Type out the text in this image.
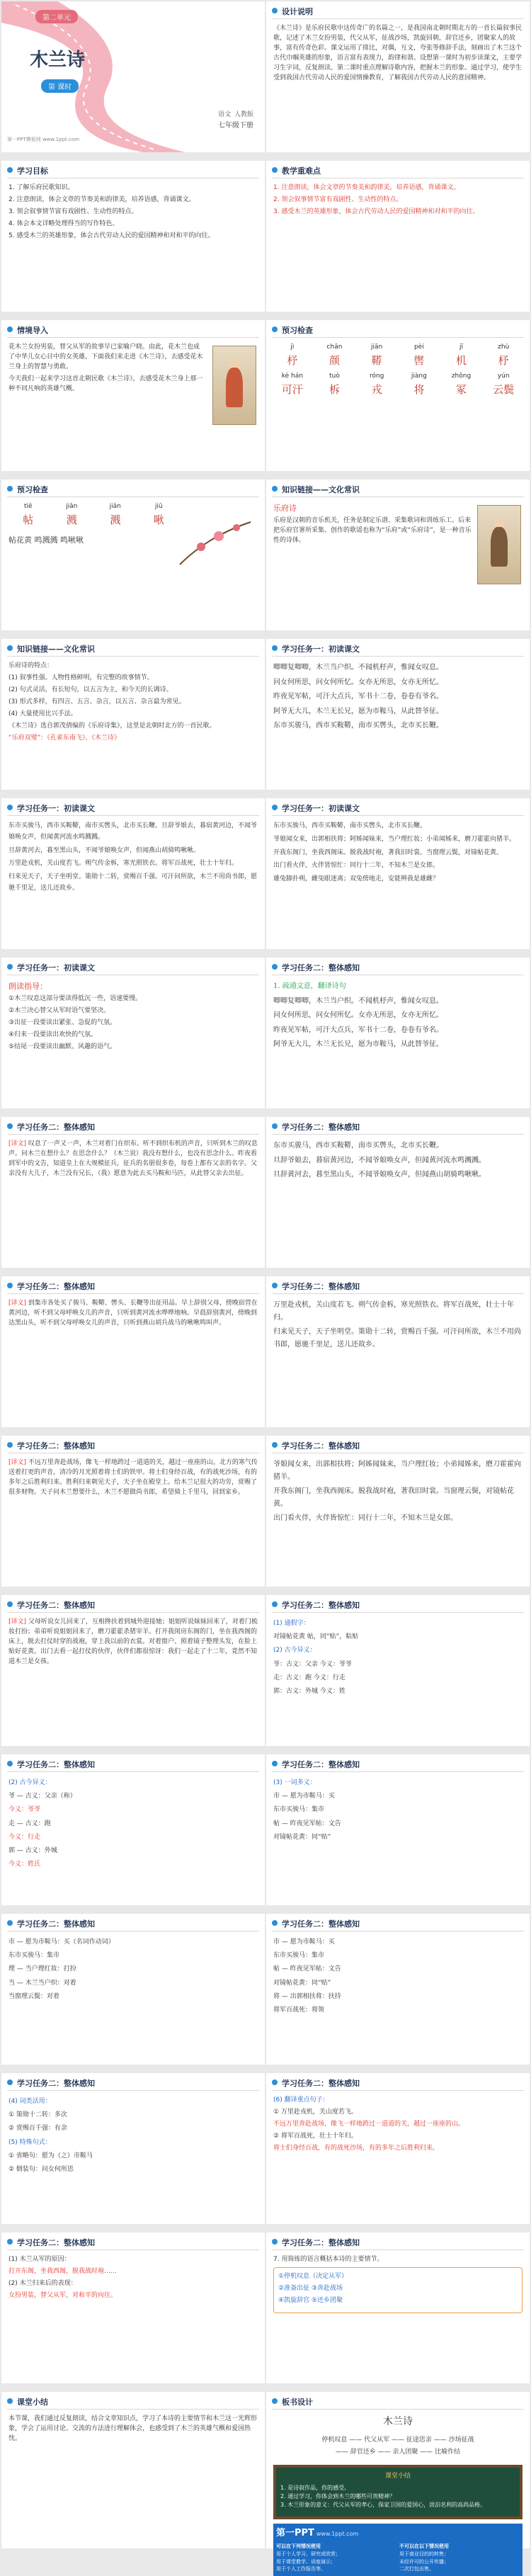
第二单元
木兰诗
第 课时
语文 人教版
七年级下册
第一PPT模板网 www.1ppt.com
设计说明

《木兰诗》是乐府民歌中这传奇广的名篇之一，是我国南北朝时期北方的一首长篇叙事民歌，记述了木兰女扮男装，代父从军，征战沙场，凯旋回朝，辞官还乡，团聚家人的故事，富有传奇色彩。课文运用了排比，对偶，互文，夸张等修辞手法，刻画出了木兰这个古代巾帼英雄的形象，语言富有表现力，韵律和谐。设想第一课时为初步读课文，主要学习生字词，反复朗读。第二课时重点理解诗歌内容，把握木兰的形象。通过学习，使学生受到我国古代劳动人民的爱国情操教育，了解我国古代劳动人民的意园精神。

学习目标

1. 了解乐府民歌知识。

2. 注意朗读，体会文章的节奏美和韵律美，培养语感，背诵课文。

3. 领会叙事情节富有戏剧性、生动性的特点。

4. 体会本文详略处理得当的写作特色。

5. 感受木兰的英雄形象，体会古代劳动人民的爱国精神和对和平的向往。

教学重难点

1. 注意朗读，体会文章的节奏美和韵律美，培养语感，背诵课文。

2. 领会叙事情节富有戏剧性、生动性的特点。

3. 感受木兰的英雄形象，体会古代劳动人民的爱国精神和对和平的向往。

情境导入

花木兰女扮男装，替父从军的故事早已家喻户晓。由此，花木兰也成了中华儿女心目中的女英雄。下面我们来走进《木兰诗》，去感受花木兰身上的智慧与勇敢。

今天我们一起来学习这首北朝民歌《木兰诗》，去感受花木兰身上那一种不同凡响的英雄气概。

预习检查
jì
杼
chǎn
颜
jiān
鞯
pèi
辔
jī
机
zhù
杼
kè hán
可汗
tuò
柝
róng
戎
jiàng
将
zhǒng
冢
yún
云鬓
预习检查
tiē
帖
jiān
溅
jiān
溅
jiū
啾

帖花黄 鸣溅溅 鸣啾啾

知识链接——文化常识

乐府诗

乐府是汉朝的音乐机关，任务是制定乐谱、采集歌词和训练乐工。后来把乐府官署所采集、创作的歌谣也称为“乐府”或“乐府诗”，是一种音乐性的诗体。

知识链接——文化常识

乐府诗的特点：

(1) 叙事性强。人物性格鲜明，有完整的故事情节。

(2) 句式灵活，有长短句，以五言为主，和今天的长调诗。

(3) 形式多样，有四言、五言、杂言，以五言、杂言最为常见。

(4) 大量使用比兴手法。

《木兰诗》选自郭茂倩编的《乐府诗集》，这里是北朝时北方的一首民歌。

“乐府双璧”：《孔雀东南飞》、《木兰诗》

学习任务一：初读课文

唧唧复唧唧，木兰当户织。不闻机杼声，惟闻女叹息。

问女何所思，问女何所忆。女亦无所思，女亦无所忆。

昨夜见军帖，可汗大点兵，军书十二卷，卷卷有爷名。

阿爷无大儿，木兰无长兄，愿为市鞍马，从此替爷征。

东市买骏马，西市买鞍鞯，南市买辔头，北市买长鞭。

学习任务一：初读课文

东市买骏马，西市买鞍鞯，南市买辔头，北市买长鞭。旦辞爷娘去，暮宿黄河边，不闻爷娘唤女声，但闻黄河流水鸣溅溅。

旦辞黄河去，暮至黑山头，不闻爷娘唤女声，但闻燕山胡骑鸣啾啾。

万里赴戎机，关山度若飞。朔气传金柝，寒光照铁衣。将军百战死，壮士十年归。

归来见天子，天子坐明堂。策勋十二转，赏赐百千强。可汗问所欲，木兰不用尚书郎，愿驰千里足，送儿还故乡。

学习任务一：初读课文

东市买骏马，西市买鞍鞯，南市买辔头，北市买长鞭。

爷娘闻女来，出郭相扶将；阿姊闻妹来，当户理红妆；小弟闻姊来，磨刀霍霍向猪羊。

开我东阁门，坐我西阁床。脱我战时袍，著我旧时裳。当窗理云鬓，对镜帖花黄。

出门看火伴，火伴皆惊忙：同行十二年，不知木兰是女郎。

雄兔脚扑朔，雌兔眼迷离；双兔傍地走，安能辨我是雄雌？

学习任务一：初读课文

朗读指导：

①木兰叹息这部分要读得低沉一些，语速要慢。

②木兰决心替父从军时语气要坚决。

③出征一段要读出紧张、急促的气氛。

④归来一段要读出欢快的气氛。

⑤结尾一段要读出幽默、风趣的语气。

学习任务二：整体感知

1. 疏通文意，翻译诗句

唧唧复唧唧，木兰当户织。不闻机杼声，惟闻女叹息。

问女何所思，问女何所忆。女亦无所思，女亦无所忆。

昨夜见军帖，可汗大点兵，军书十二卷，卷卷有爷名。

阿爷无大儿，木兰无长兄，愿为市鞍马，从此替爷征。

学习任务二：整体感知

[译文] 叹息了一声又一声，木兰对着门在织布。听不到织布机的声音，只听到木兰的叹息声。问木兰在想什么？在思念什么？（木兰说）我没有想什么，也没有思念什么。昨夜看到军中的文告，知道皇上在大规模征兵，征兵的名册很多卷，每卷上都有父亲的名字。父亲没有大儿子，木兰没有兄长，（我）愿意为此去买马鞍和马匹，从此替父亲去出征。

学习任务二：整体感知

东市买骏马，西市买鞍鞯，南市买辔头，北市买长鞭。

旦辞爷娘去，暮宿黄河边，不闻爷娘唤女声，但闻黄河流水鸣溅溅。

旦辞黄河去，暮至黑山头，不闻爷娘唤女声，但闻燕山胡骑鸣啾啾。

学习任务二：整体感知

[译文] 到集市各处买了骏马、鞍鞯、辔头、长鞭等出征用品。早上辞别父母，傍晚宿营在黄河边，听不到父母呼唤女儿的声音，只听到黄河流水哗哗地响。早晨辞别黄河，傍晚到达黑山头，听不到父母呼唤女儿的声音，只听到燕山胡兵战马的啾啾鸣叫声。

学习任务二：整体感知

万里赴戎机，关山度若飞。朔气传金柝，寒光照铁衣。将军百战死，壮士十年归。

归来见天子，天子坐明堂。策勋十二转，赏赐百千强。可汗问所欲，木兰不用尚书郎，愿驰千里足，送儿还故乡。

学习任务二：整体感知

[译文] 不远万里奔赴战场，像飞一样地跨过一道道的关，越过一座座的山。北方的寒气传送着打更的声音，清冷的月光照着将士们的铁甲。将士们身经百战，有的战死沙场，有的多年之后胜利归来。胜利归来朝见天子，天子坐在殿堂上。给木兰记很大的功劳，赏赐了很多财物。天子问木兰想要什么，木兰不愿做尚书郎，希望骑上千里马，回到家乡。

学习任务二：整体感知

爷娘闻女来，出郭相扶将；阿姊闻妹来，当户理红妆；小弟闻姊来，磨刀霍霍向猪羊。

开我东阁门，坐我西阁床。脱我战时袍，著我旧时裳。当窗理云鬓，对镜帖花黄。

出门看火伴，火伴皆惊忙：同行十二年，不知木兰是女郎。

学习任务二：整体感知

[译文] 父母听说女儿回来了，互相搀扶着到城外迎接她；姐姐听说妹妹回来了，对着门梳妆打扮；弟弟听说姐姐回来了，磨刀霍霍杀猪宰羊。打开我闺房东阁的门，坐在我西阁的床上，脱去打仗时穿的战袍，穿上我以前的衣裳。对着窗户、照着镜子整理头发，在脸上贴好花黄。出门去看一起打仗的伙伴，伙伴们都很惊讶：我们一起走了十二年，竟然不知道木兰是女孩。

学习任务二：整体感知

(1) 通假字：

对镜帖花黄 帖，同“贴”，粘贴

(2) 古今异义：

爷：古义：父亲 今义：爷爷

走：古义：跑 今义：行走

郭：古义：外城 今义：姓

学习任务二：整体感知

(2) 古今异义：

爷 — 古义：父亲（称）

今义：爷爷

走 — 古义：跑

今义：行走

郭 — 古义：外城

今义：姓氏

学习任务二：整体感知

(3) 一词多义：

市 — 愿为市鞍马：买

东市买骏马：集市

帖 — 昨夜见军帖：文告

对镜帖花黄：同“贴”

学习任务二：整体感知

市 — 愿为市鞍马：买（名词作动词）

东市买骏马：集市

理 — 当户理红妆：打扮

当 — 木兰当户织：对着

当窗理云鬓：对着

学习任务二：整体感知

市 — 愿为市鞍马：买

东市买骏马：集市

帖 — 昨夜见军帖：文告

对镜帖花黄：同“贴”

将 — 出郭相扶将：扶持

将军百战死：将领

学习任务二：整体感知

(4) 词类活用：

① 策勋十二转：多次

② 赏赐百千强：有余

(5) 特殊句式：

① 省略句：愿为（之）市鞍马

② 倒装句：问女何所思

学习任务二：整体感知

(6) 翻译重点句子：

① 万里赴戎机，关山度若飞。

不远万里奔赴战场，像飞一样地跨过一道道的关，越过一座座的山。

② 将军百战死，壮士十年归。

将士们身经百战，有的战死沙场，有的多年之后胜利归来。

学习任务二：整体感知

(1) 木兰从军的原因：

打开东阁，坐我西阁，脱我战时袍……

(2) 木兰归来后的表现：

女扮男装，替父从军，对和平的向往。

学习任务二：整体感知

7. 用简练的语言概括本诗的主要情节。

①停机叹息（决定从军）

②准备出征 ③奔赴战场

④凯旋辞官 ⑤还乡团聚

课堂小结

本节课，我们通过反复朗读，结合文章知识点，学习了本诗的主要情节和木兰这一光辉形象，学会了运用讨论、交流的方法进行理解体会，也感受到了木兰的英雄气概和爱国热忱。

板书设计

木兰诗

停机叹息 —— 代父从军 —— 征途思亲 —— 沙场征战

—— 辞官还乡 —— 亲人团聚 —— 比喻作结

课堂小结

1. 是诗叙作品，你的感受。
2. 通过学习，你体会到木兰的哪些可贵精神？
3. 木兰形象的意义：代父从军的孝心，保家卫国的爱国心，淡泊名利的高尚品格。

第一PPT www.1ppt.com
可以在下列情况使用
用于个人学习、研究或欣赏；
用于课堂教学、讲座演示；
用于个人工作报告等。
不可以在以下情况使用
用于商业目的的转售；
未经许可的公开传播；
二次打包出售。
